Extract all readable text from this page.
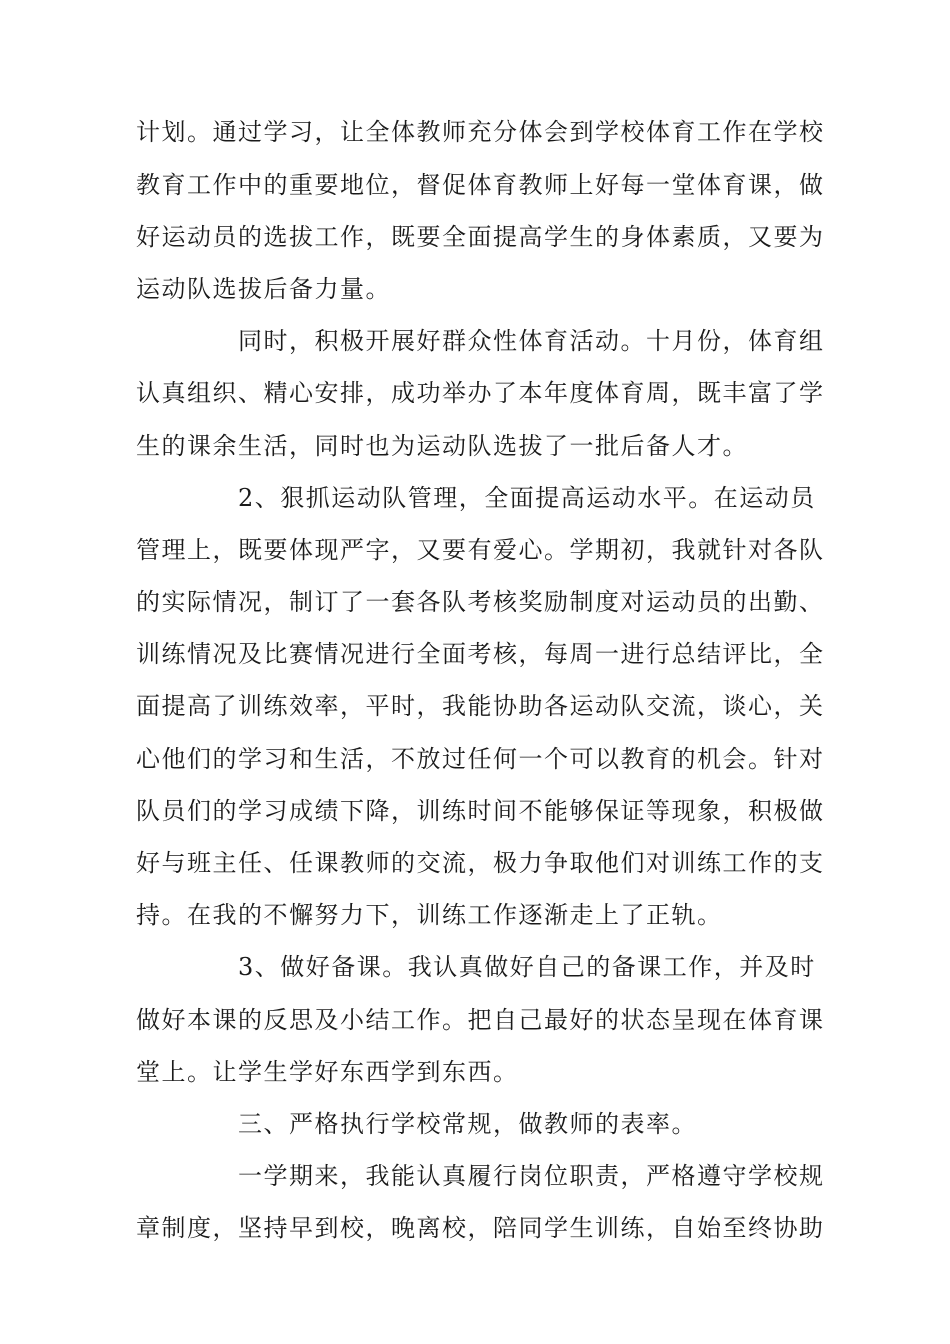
计划。通过学习，让全体教师充分体会到学校体育工作在学校
教育工作中的重要地位，督促体育教师上好每一堂体育课，做
好运动员的选拔工作，既要全面提高学生的身体素质，又要为
运动队选拔后备力量。
同时，积极开展好群众性体育活动。十月份，体育组
认真组织、精心安排，成功举办了本年度体育周，既丰富了学
生的课余生活，同时也为运动队选拔了一批后备人才。
2、狠抓运动队管理，全面提高运动水平。在运动员
管理上，既要体现严字，又要有爱心。学期初，我就针对各队
的实际情况，制订了一套各队考核奖励制度对运动员的出勤、
训练情况及比赛情况进行全面考核，每周一进行总结评比，全
面提高了训练效率，平时，我能协助各运动队交流，谈心，关
心他们的学习和生活，不放过任何一个可以教育的机会。针对
队员们的学习成绩下降，训练时间不能够保证等现象，积极做
好与班主任、任课教师的交流，极力争取他们对训练工作的支
持。在我的不懈努力下，训练工作逐渐走上了正轨。
3、做好备课。我认真做好自己的备课工作，并及时
做好本课的反思及小结工作。把自己最好的状态呈现在体育课
堂上。让学生学好东西学到东西。
三、严格执行学校常规，做教师的表率。
一学期来，我能认真履行岗位职责，严格遵守学校规
章制度，坚持早到校，晚离校，陪同学生训练，自始至终协助
